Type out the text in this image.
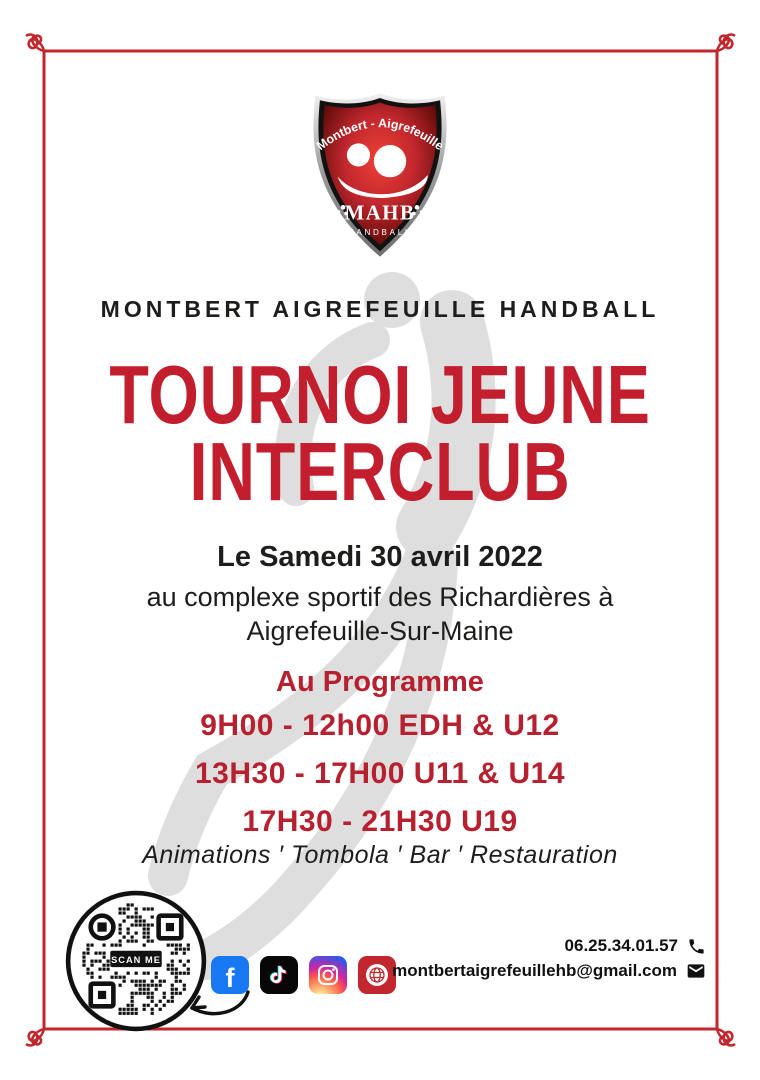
Montbert - Aigrefeuille
MAHB
HANDBALL
MONTBERT AIGREFEUILLE HANDBALL
TOURNOI JEUNE
INTERCLUB
Le Samedi 30 avril 2022
au complexe sportif des Richardières à
Aigrefeuille-Sur-Maine
Au Programme
9H00 - 12h00 EDH & U12
13H30 - 17H00 U11 & U14
17H30 - 21H30 U19
Animations ′ Tombola ′ Bar ′ Restauration
SCAN ME
f
06.25.34.01.57
montbertaigrefeuillehb@gmail.com
